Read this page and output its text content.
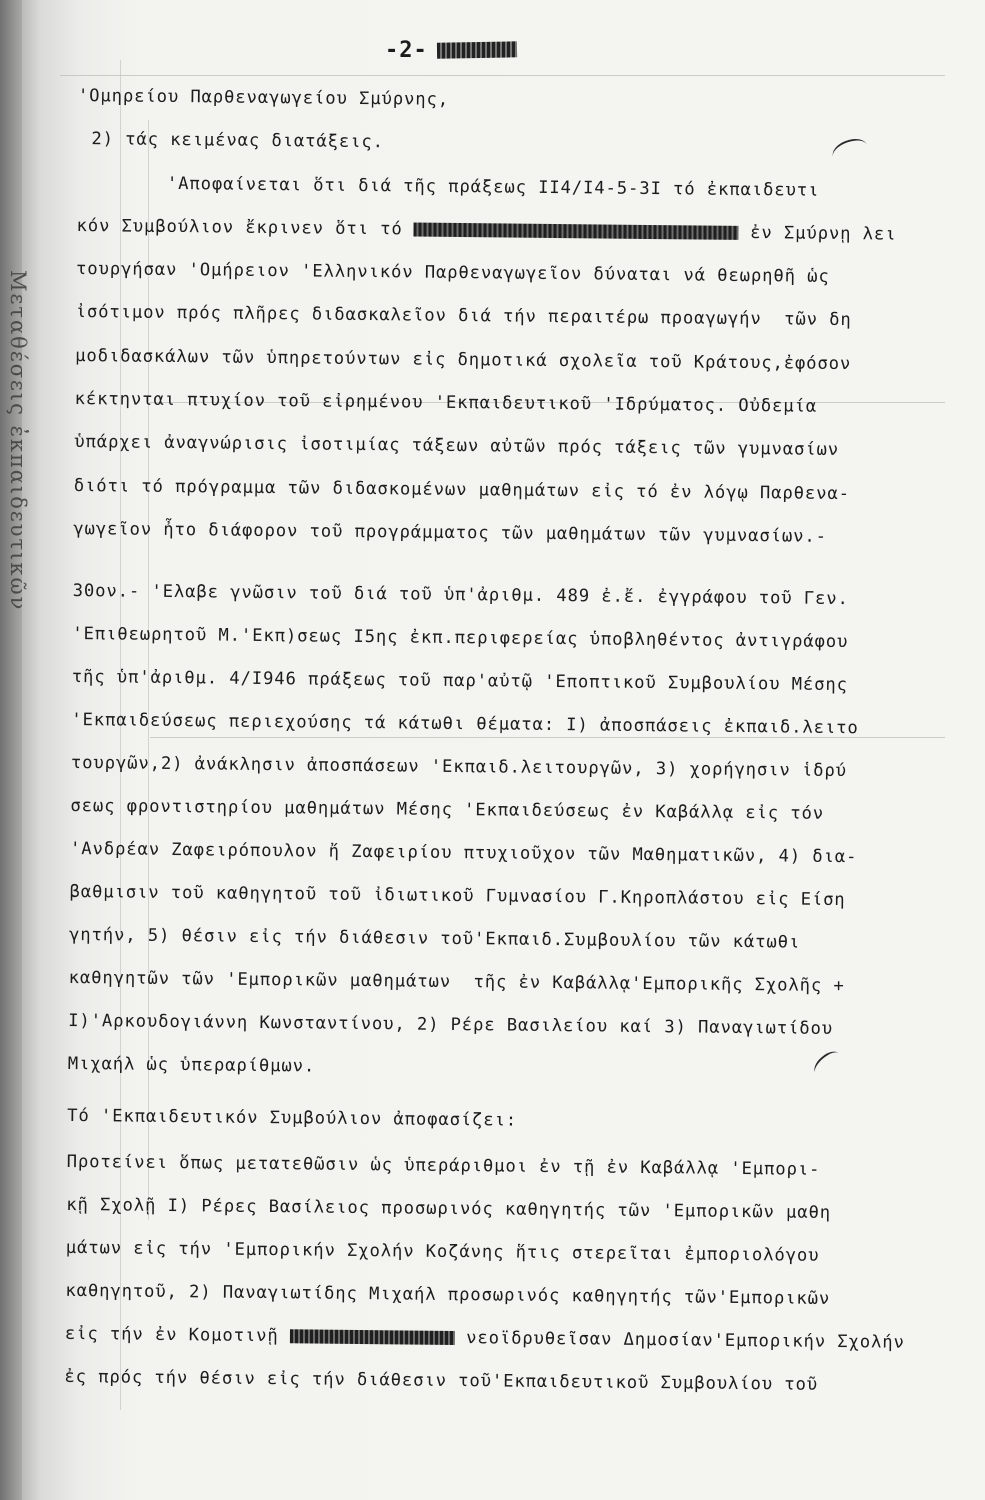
Μεταθέσεις ἐκπαιδευτικῶν
-2-
'Ομηρείου Παρθεναγωγείου Σμύρνης,
2) τάς κειμένας διατάξεις.
'Αποφαίνεται ὅτι διά τῆς πράξεως ΙΙ4/Ι4-5-3Ι τό ἐκπαιδευτι
κόν Συμβούλιον ἔκρινεν ὅτι τό	ἐν Σμύρνῃ λει
τουργήσαν 'Ομήρειον 'Ελληνικόν Παρθεναγωγεῖον δύναται νά θεωρηθῆ ὡς
ἰσότιμον πρός πλῆρες διδασκαλεῖον διά τήν περαιτέρω προαγωγήν  τῶν δη
μοδιδασκάλων τῶν ὑπηρετούντων εἰς δημοτικά σχολεῖα τοῦ Κράτους,ἐφόσον
κέκτηνται πτυχίον τοῦ εἰρημένου 'Εκπαιδευτικοῦ 'Ιδρύματος. Οὐδεμία
ὑπάρχει ἀναγνώρισις ἰσοτιμίας τάξεων αὐτῶν πρός τάξεις τῶν γυμνασίων
διότι τό πρόγραμμα τῶν διδασκομένων μαθημάτων εἰς τό ἐν λόγῳ Παρθενα-
γωγεῖον ἦτο διάφορον τοῦ προγράμματος τῶν μαθημάτων τῶν γυμνασίων.-
30ον.- 'Ελαβε γνῶσιν τοῦ διά τοῦ ὑπ'ἀριθμ. 489 ἐ.ἔ. ἐγγράφου τοῦ Γεν.
'Επιθεωρητοῦ Μ.'Εκπ)σεως Ι5ης ἐκπ.περιφερείας ὑποβληθέντος ἀντιγράφου
τῆς ὑπ'ἀριθμ. 4/Ι946 πράξεως τοῦ παρ'αὐτῷ 'Εποπτικοῦ Συμβουλίου Μέσης
'Εκπαιδεύσεως περιεχούσης τά κάτωθι θέματα: Ι) ἀποσπάσεις ἐκπαιδ.λειτο
τουργῶν,2) ἀνάκλησιν ἀποσπάσεων 'Εκπαιδ.λειτουργῶν, 3) χορήγησιν ἱδρύ
σεως φροντιστηρίου μαθημάτων Μέσης 'Εκπαιδεύσεως ἐν Καβάλλᾳ εἰς τόν
'Ανδρέαν Ζαφειρόπουλον ἤ Ζαφειρίου πτυχιοῦχον τῶν Μαθηματικῶν, 4) δια-
βαθμισιν τοῦ καθηγητοῦ τοῦ ἰδιωτικοῦ Γυμνασίου Γ.Κηροπλάστου εἰς Είση
γητήν, 5) θέσιν εἰς τήν διάθεσιν τοῦ'Εκπαιδ.Συμβουλίου τῶν κάτωθι
καθηγητῶν τῶν 'Εμπορικῶν μαθημάτων  τῆς ἐν Καβάλλᾳ'Εμπορικῆς Σχολῆς +
Ι)'Αρκουδογιάννη Κωνσταντίνου, 2) Ρέρε Βασιλείου καί 3) Παναγιωτίδου
Μιχαήλ ὡς ὑπεραρίθμων.
Τό 'Εκπαιδευτικόν Συμβούλιον ἀποφασίζει:
Προτείνει ὅπως μετατεθῶσιν ὡς ὑπεράριθμοι ἐν τῇ ἐν Καβάλλᾳ 'Εμπορι-
κῇ Σχολῇ Ι) Ρέρες Βασίλειος προσωρινός καθηγητής τῶν 'Εμπορικῶν μαθη
μάτων εἰς τήν 'Εμπορικήν Σχολήν Κοζάνης ἥτις στερεῖται ἐμποριολόγου
καθηγητοῦ, 2) Παναγιωτίδης Μιχαήλ προσωρινός καθηγητής τῶν'Εμπορικῶν
εἰς τήν ἐν Κομοτινῇ	νεοϊδρυθεῖσαν Δημοσίαν'Εμπορικήν Σχολήν
ἐς πρός τήν θέσιν εἰς τήν διάθεσιν τοῦ'Εκπαιδευτικοῦ Συμβουλίου τοῦ
